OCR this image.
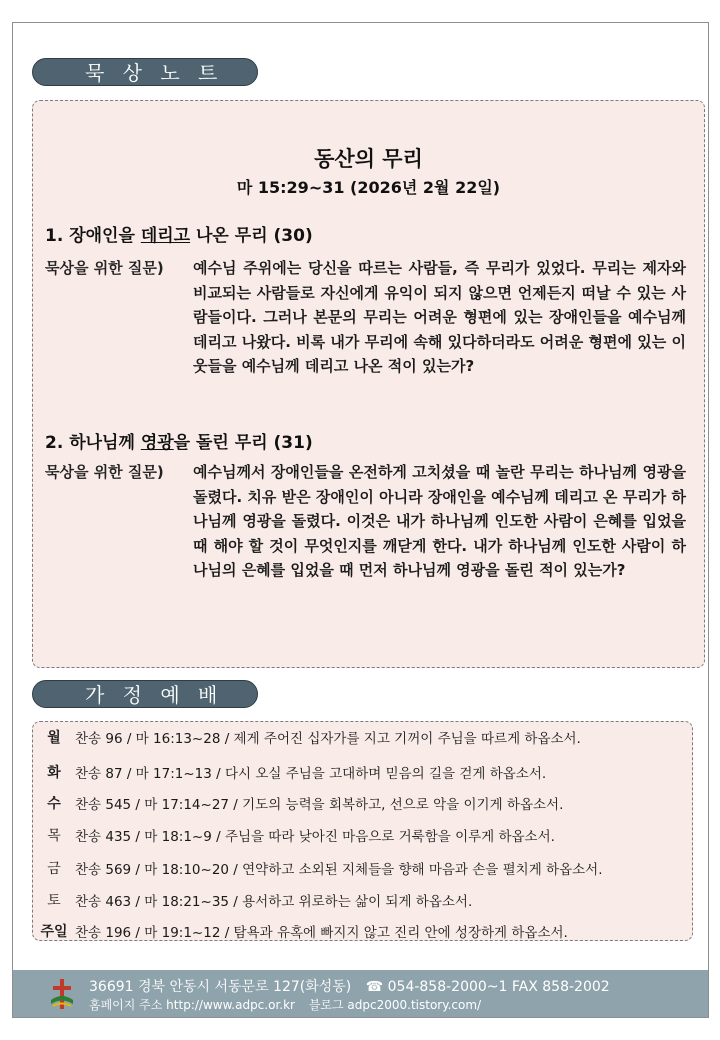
묵 상 노 트
동산의 무리
마 15:29~31 (2026년 2월 22일)
1. 장애인을 데리고 나온 무리 (30)
묵상을 위한 질문) 예수님 주위에는 당신을 따르는 사람들, 즉 무리가 있었다. 무리는 제자와 비교되는 사람들로 자신에게 유익이 되지 않으면 언제든지 떠날 수 있는 사람들이다. 그러나 본문의 무리는 어려운 형편에 있는 장애인들을 예수님께 데리고 나왔다. 비록 내가 무리에 속해 있다하더라도 어려운 형편에 있는 이웃들을 예수님께 데리고 나온 적이 있는가?
2. 하나님께 영광을 돌린 무리 (31)
묵상을 위한 질문) 예수님께서 장애인들을 온전하게 고치셨을 때 놀란 무리는 하나님께 영광을 돌렸다. 치유 받은 장애인이 아니라 장애인을 예수님께 데리고 온 무리가 하나님께 영광을 돌렸다. 이것은 내가 하나님께 인도한 사람이 은혜를 입었을 때 해야 할 것이 무엇인지를 깨닫게 한다. 내가 하나님께 인도한 사람이 하나님의 은혜를 입었을 때 먼저 하나님께 영광을 돌린 적이 있는가?
가 정 예 배
월	찬송 96 / 마 16:13~28 / 제게 주어진 십자가를 지고 기꺼이 주님을 따르게 하옵소서.
화	찬송 87 / 마 17:1~13 / 다시 오실 주님을 고대하며 믿음의 길을 걷게 하옵소서.
수	찬송 545 / 마 17:14~27 / 기도의 능력을 회복하고, 선으로 악을 이기게 하옵소서.
목	찬송 435 / 마 18:1~9 / 주님을 따라 낮아진 마음으로 거룩함을 이루게 하옵소서.
금	찬송 569 / 마 18:10~20 / 연약하고 소외된 지체들을 향해 마음과 손을 펼치게 하옵소서.
토	찬송 463 / 마 18:21~35 / 용서하고 위로하는 삶이 되게 하옵소서.
주일 찬송 196 / 마 19:1~12 / 탐욕과 유혹에 빠지지 않고 진리 안에 성장하게 하옵소서.
36691 경북 안동시 서동문로 127(화성동) ☎ 054-858-2000~1 FAX 858-2002
홈페이지 주소 http://www.adpc.or.kr 블로그 adpc2000.tistory.com/
